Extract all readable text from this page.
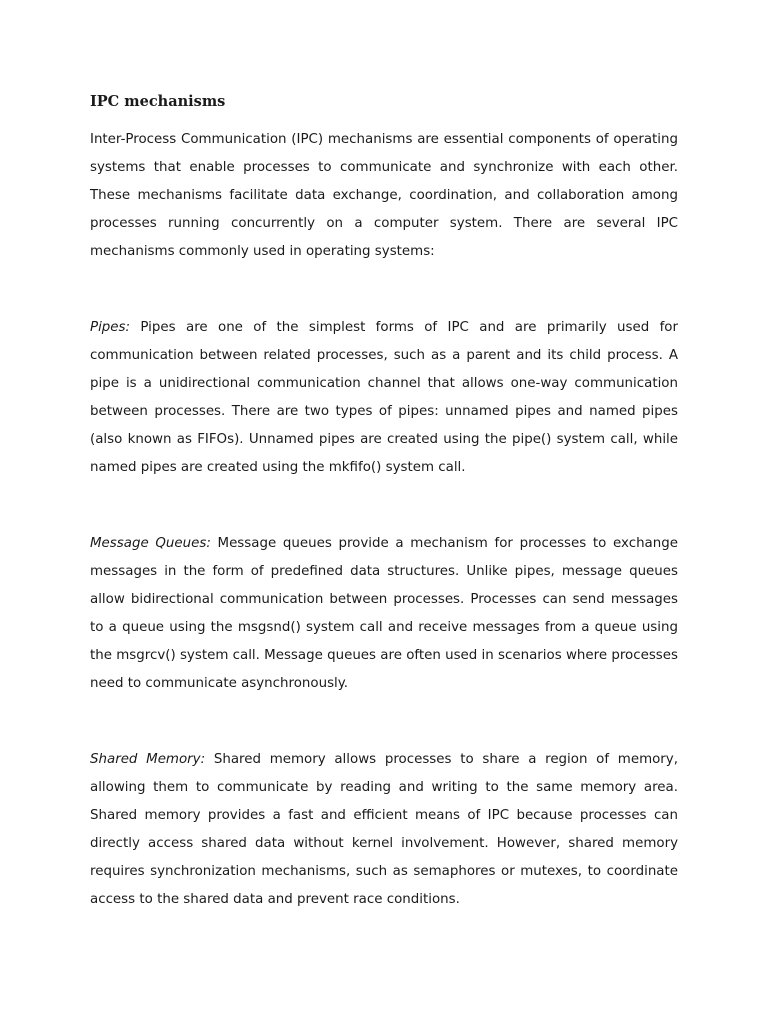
IPC mechanisms

Inter-Process Communication (IPC) mechanisms are essential components of operating systems that enable processes to communicate and synchronize with each other. These mechanisms facilitate data exchange, coordination, and collaboration among processes running concurrently on a computer system. There are several IPC mechanisms commonly used in operating systems:

Pipes: Pipes are one of the simplest forms of IPC and are primarily used for communication between related processes, such as a parent and its child process. A pipe is a unidirectional communication channel that allows one-way communication between processes. There are two types of pipes: unnamed pipes and named pipes (also known as FIFOs). Unnamed pipes are created using the pipe() system call, while named pipes are created using the mkfifo() system call.

Message Queues: Message queues provide a mechanism for processes to exchange messages in the form of predefined data structures. Unlike pipes, message queues allow bidirectional communication between processes. Processes can send messages to a queue using the msgsnd() system call and receive messages from a queue using the msgrcv() system call. Message queues are often used in scenarios where processes need to communicate asynchronously.

Shared Memory: Shared memory allows processes to share a region of memory, allowing them to communicate by reading and writing to the same memory area. Shared memory provides a fast and efficient means of IPC because processes can directly access shared data without kernel involvement. However, shared memory requires synchronization mechanisms, such as semaphores or mutexes, to coordinate access to the shared data and prevent race conditions.
